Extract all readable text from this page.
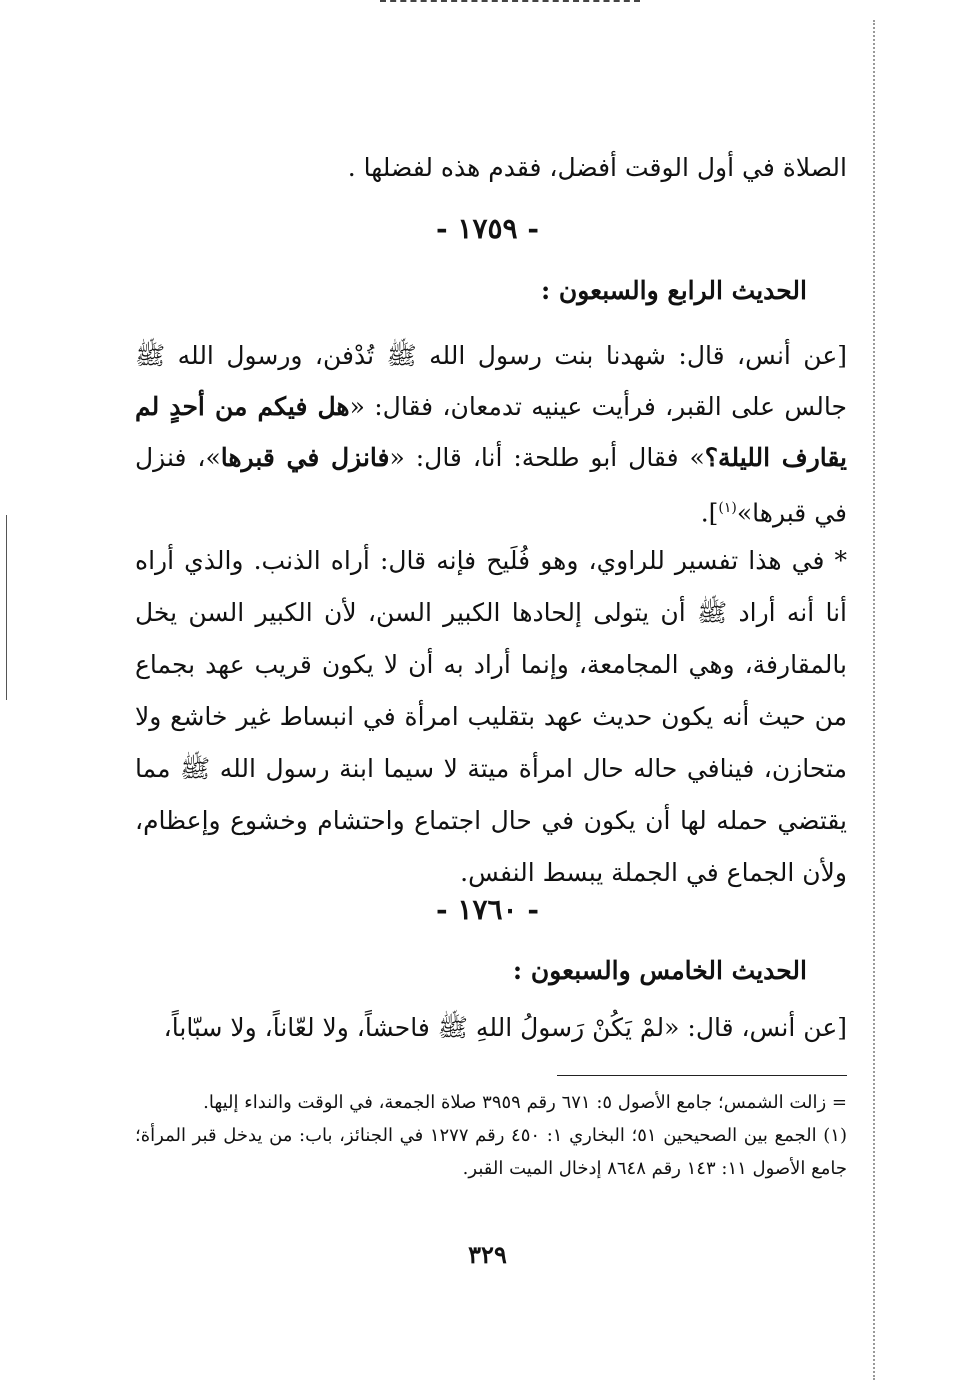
الصلاة في أول الوقت أفضل، فقدم هذه لفضلها .
- ١٧٥٩ -
الحديث الرابع والسبعون :
[عن أنس، قال: شهدنا بنت رسول الله ﷺ تُدْفن، ورسول الله ﷺ جالس على القبر، فرأيت عينيه تدمعان، فقال: «هل فيكم من أحدٍ لم يقارف الليلة؟» فقال أبو طلحة: أنا، قال: «فانزل في قبرها»، فنزل في قبرها»$^{(١)}$].
* في هذا تفسير للراوي، وهو فُلَيح فإنه قال: أراه الذنب. والذي أراه أنا أنه أراد ﷺ أن يتولى إلحادها الكبير السن، لأن الكبير السن يخل بالمقارفة، وهي المجامعة، وإنما أراد به أن لا يكون قريب عهد بجماع من حيث أنه يكون حديث عهد بتقليب امرأة في انبساط غير خاشع ولا متحازن، فينافي حاله حال امرأة ميتة لا سيما ابنة رسول الله ﷺ مما يقتضي حمله لها أن يكون في حال اجتماع واحتشام وخشوع وإعظام، ولأن الجماع في الجملة يبسط النفس.
- ١٧٦٠ -
الحديث الخامس والسبعون :
[عن أنس، قال: «لمْ يَكُنْ رَسولُ اللهِ ﷺ فاحشاً، ولا لعّاناً، ولا سبّاباً،
= زالت الشمس؛ جامع الأصول ٥: ٦٧١ رقم ٣٩٥٩ صلاة الجمعة، في الوقت والنداء إليها.
(١) الجمع بين الصحيحين ٥١؛ البخاري ١: ٤٥٠ رقم ١٢٧٧ في الجنائز، باب: من يدخل قبر المرأة؛ جامع الأصول ١١: ١٤٣ رقم ٨٦٤٨ إدخال الميت القبر.
٣٢٩
